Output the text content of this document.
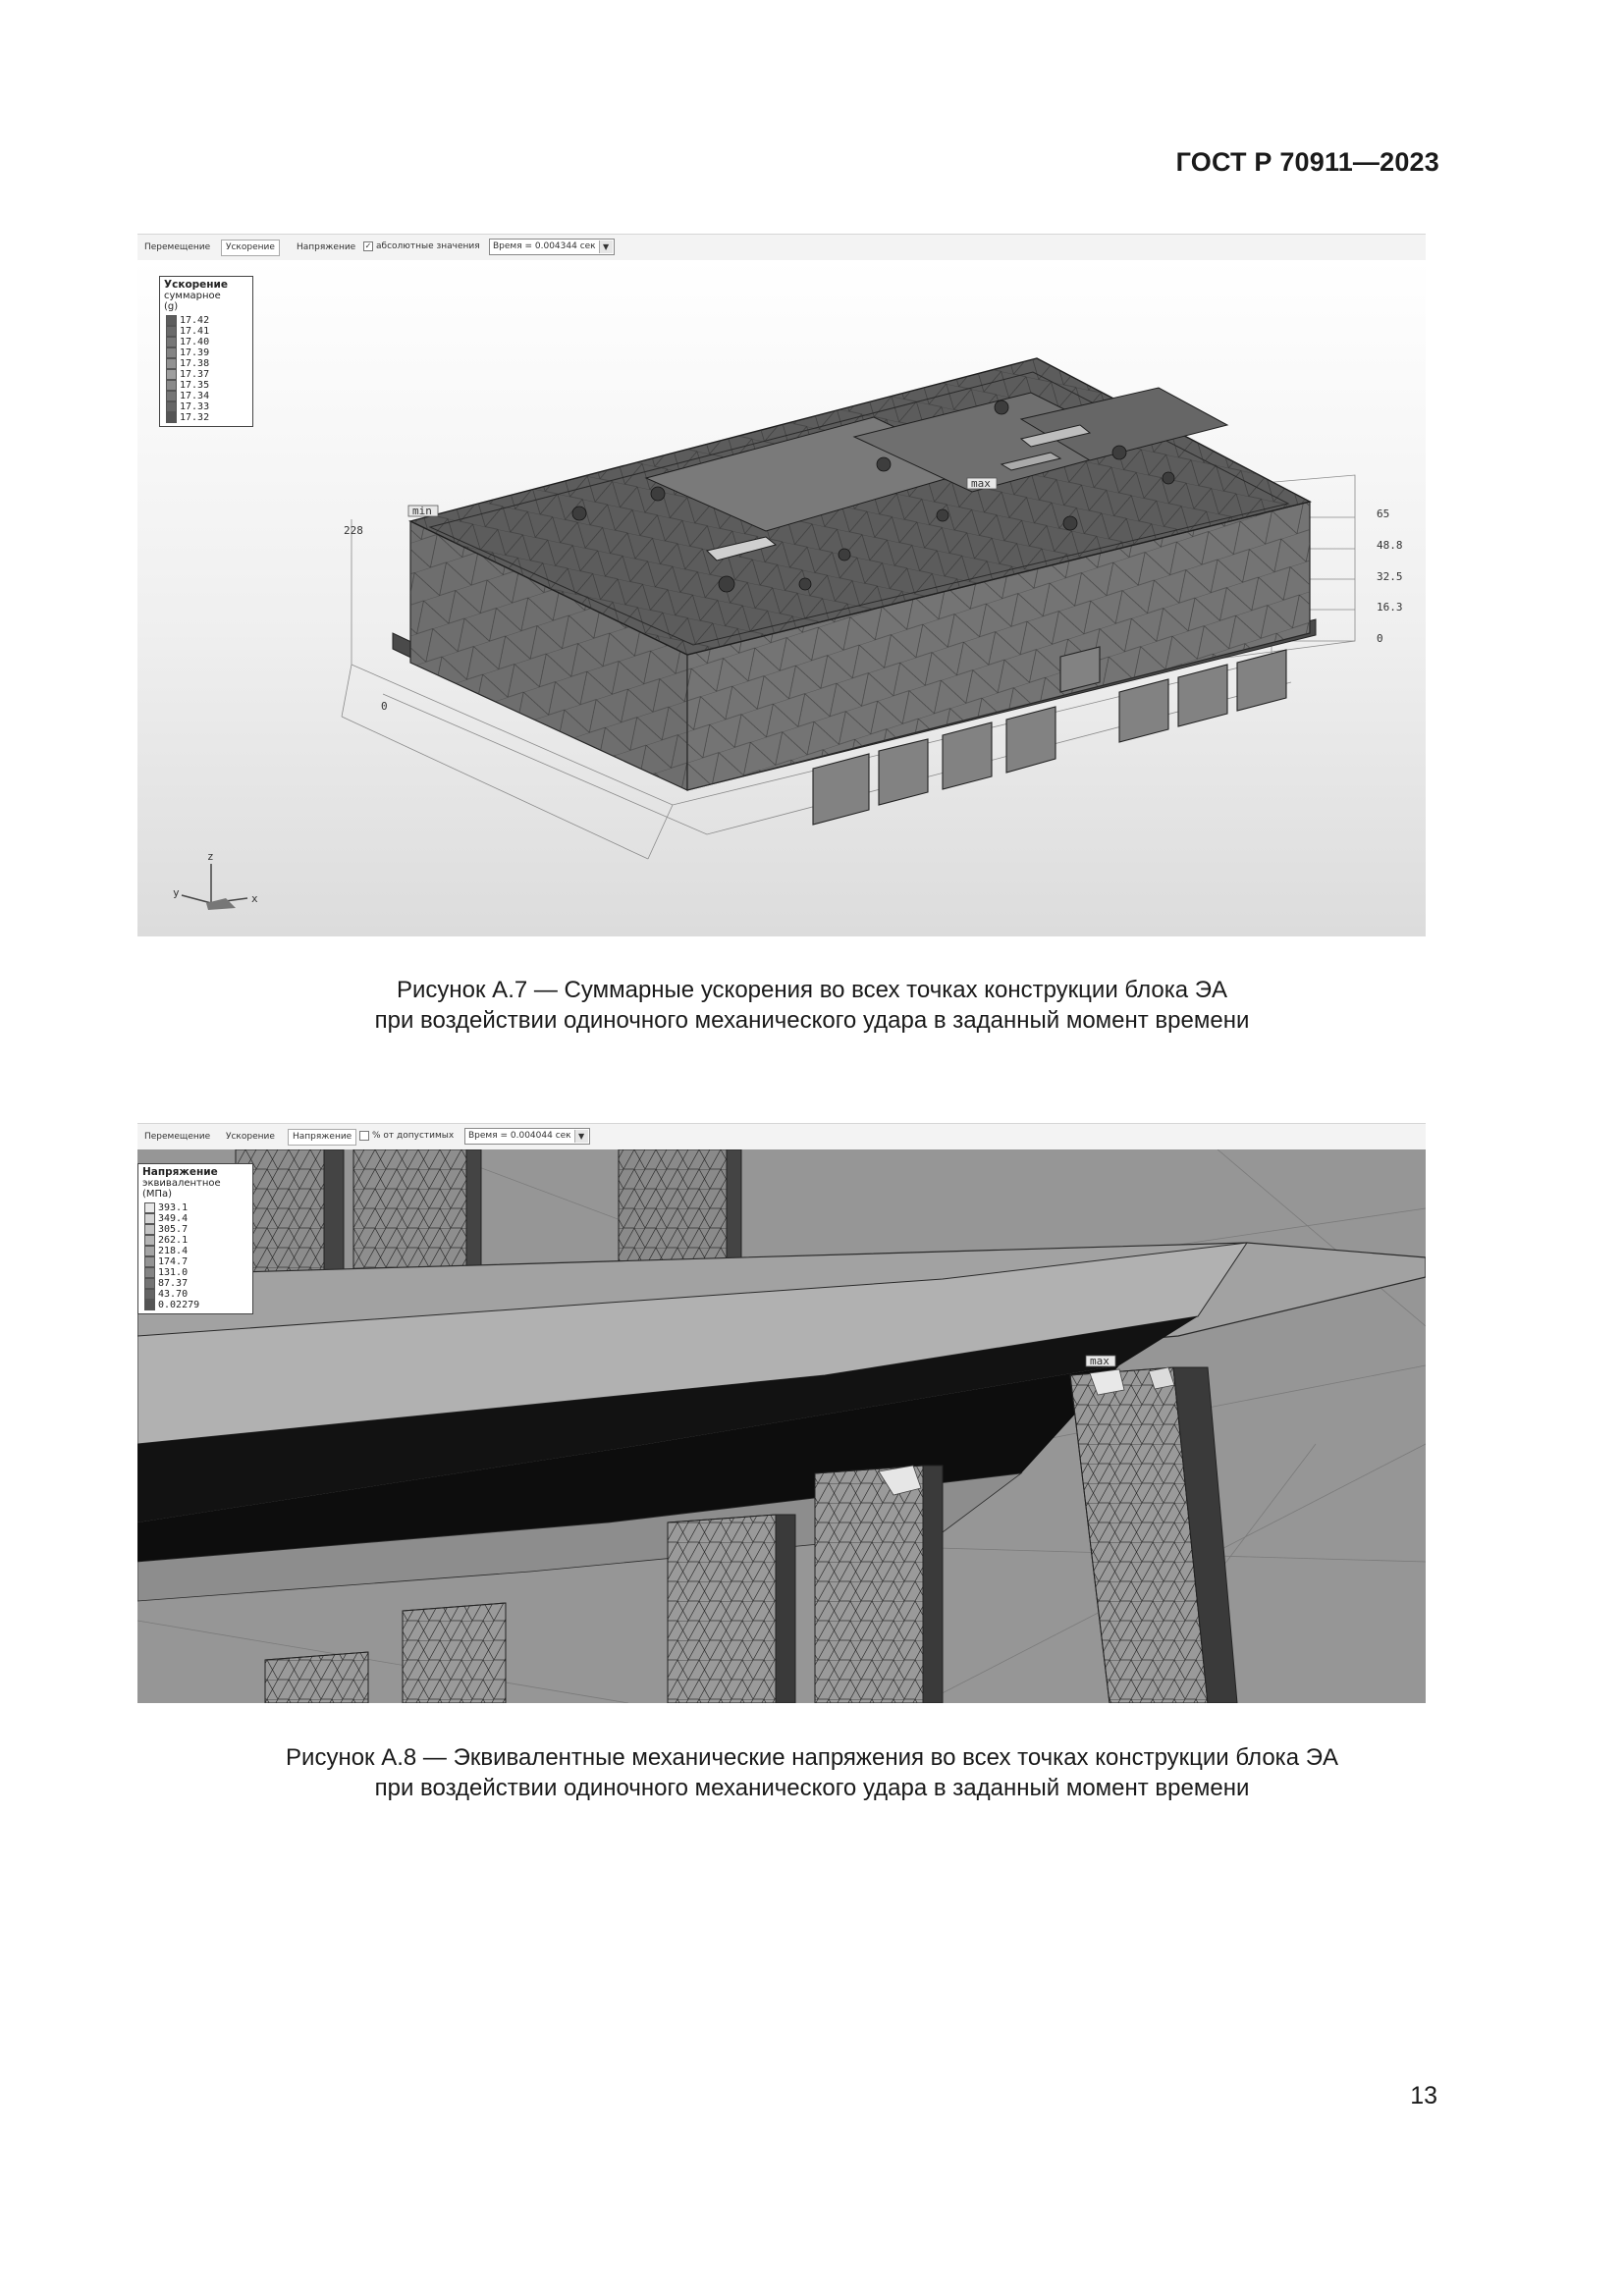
ГОСТ Р 70911—2023
Перемещение	Ускорение	Напряжение	✓ абсолютные значения	Время = 0.004344 сек ▼
min
max
65
48.8
32.5
16.3
0
228
0
z
x
y
Ускорение
суммарное
(g)
17.42
17.41
17.40
17.39
17.38
17.37
17.35
17.34
17.33
17.32
Рисунок А.7 — Суммарные ускорения во всех точках конструкции блока ЭА
при воздействии одиночного механического удара в заданный момент времени
Перемещение	Ускорение	Напряжение	% от допустимых	Время = 0.004044 сек ▼
max
Напряжение
эквивалентное
(МПа)
393.1
349.4
305.7
262.1
218.4
174.7
131.0
87.37
43.70
0.02279
Рисунок А.8 — Эквивалентные механические напряжения во всех точках конструкции блока ЭА
при воздействии одиночного механического удара в заданный момент времени
13
